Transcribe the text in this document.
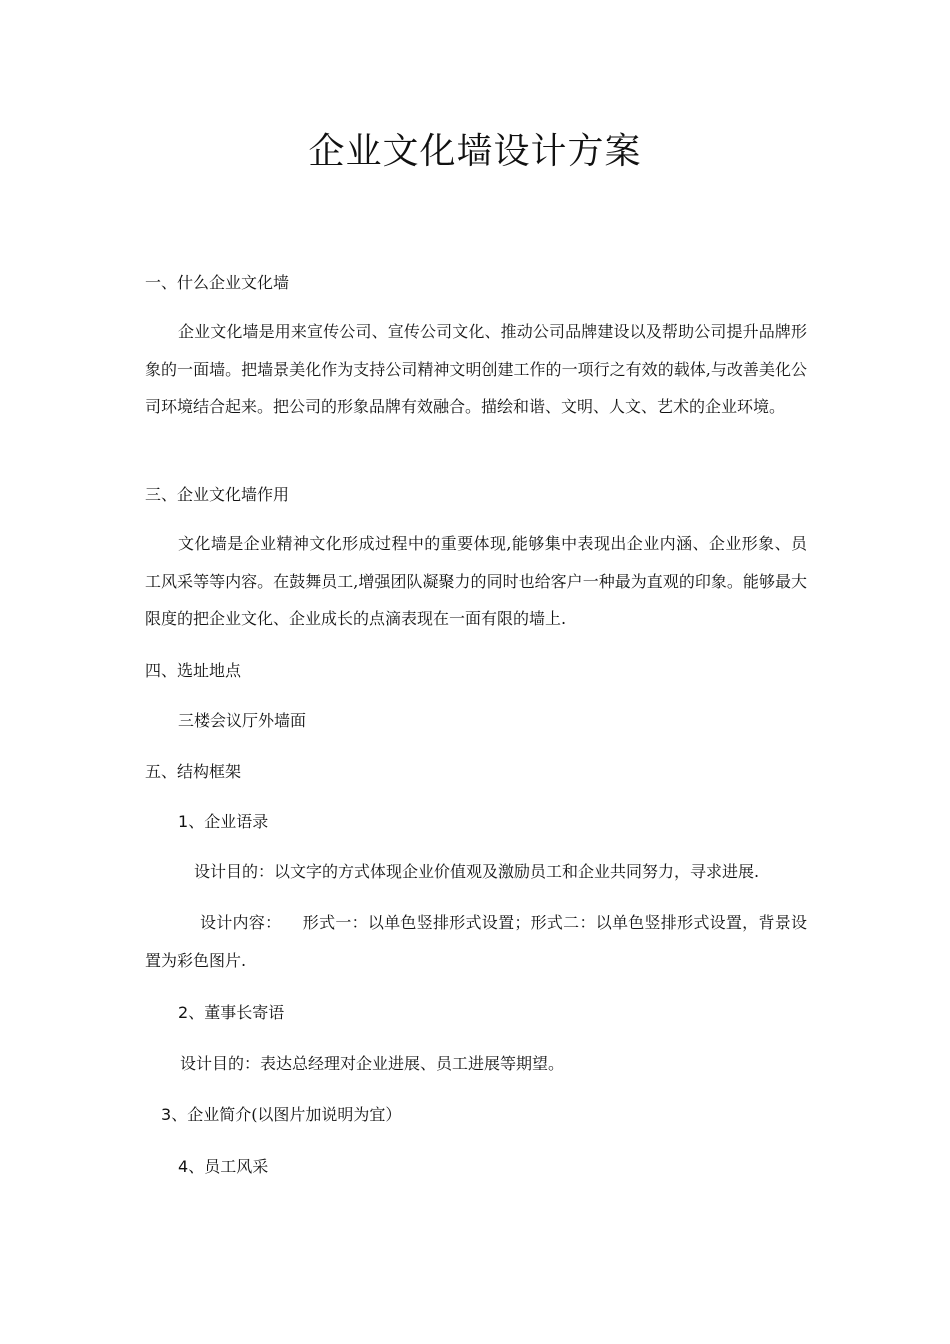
企业文化墙设计方案
一、什么企业文化墙
企业文化墙是用来宣传公司、宣传公司文化、推动公司品牌建设以及帮助公司提升品牌形象的一面墙。把墙景美化作为支持公司精神文明创建工作的一项行之有效的载体,与改善美化公司环境结合起来。把公司的形象品牌有效融合。描绘和谐、文明、人文、艺术的企业环境。
三、企业文化墙作用
文化墙是企业精神文化形成过程中的重要体现,能够集中表现出企业内涵、企业形象、员工风采等等内容。在鼓舞员工,增强团队凝聚力的同时也给客户一种最为直观的印象。能够最大限度的把企业文化、企业成长的点滴表现在一面有限的墙上.
四、选址地点
三楼会议厅外墙面
五、结构框架
1、企业语录
设计目的：以文字的方式体现企业价值观及激励员工和企业共同努力，寻求进展.
设计内容：    形式一：以单色竖排形式设置；形式二：以单色竖排形式设置，背景设置为彩色图片.
2、董事长寄语
设计目的：表达总经理对企业进展、员工进展等期望。
3、企业简介(以图片加说明为宜）
4、员工风采
